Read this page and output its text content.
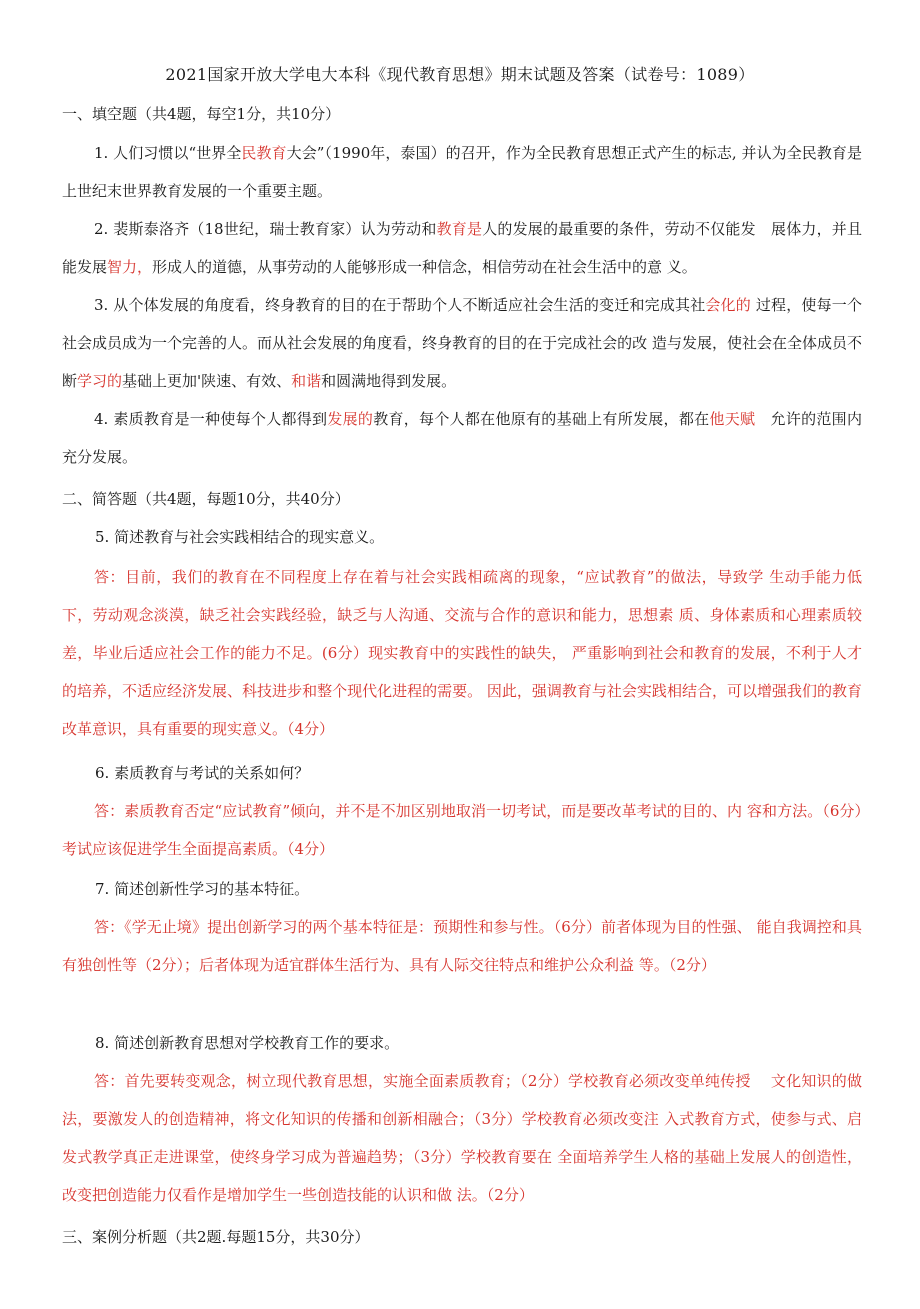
2021国家开放大学电大本科《现代教育思想》期末试题及答案（试卷号：1089）
一、填空题（共4题，每空1分，共10分）
1. 人们习惯以“世界全民教育大会”（1990年，泰国）的召开，作为全民教育思想正式产生的标志, 并认为全民教育是上世纪末世界教育发展的一个重要主题。
2. 裴斯泰洛齐（18世纪，瑞士教育家）认为劳动和教育是人的发展的最重要的条件，劳动不仅能发　展体力，并且能发展智力，形成人的道德，从事劳动的人能够形成一种信念，相信劳动在社会生活中的意 义。
3. 从个体发展的角度看，终身教育的目的在于帮助个人不断适应社会生活的变迁和完成其社会化的 过程，使每一个社会成员成为一个完善的人。而从社会发展的角度看，终身教育的目的在于完成社会的改 造与发展，使社会在全体成员不断学习的基础上更加'陕速、有效、和谐和圆满地得到发展。
4. 素质教育是一种使每个人都得到发展的教育，每个人都在他原有的基础上有所发展，都在他天赋　允许的范围内充分发展。
二、简答题（共4题，每题10分，共40分）
5. 简述教育与社会实践相结合的现实意义。
答：目前，我们的教育在不同程度上存在着与社会实践相疏离的现象，“应试教育”的做法，导致学 生动手能力低下，劳动观念淡漠，缺乏社会实践经验，缺乏与人沟通、交流与合作的意识和能力，思想素 质、身体素质和心理素质较差，毕业后适应社会工作的能力不足。(6分）现实教育中的实践性的缺失， 严重影响到社会和教育的发展，不利于人才的培养，不适应经济发展、科技进步和整个现代化进程的需要。 因此，强调教育与社会实践相结合，可以增强我们的教育改革意识，具有重要的现实意义。（4分）
6. 素质教育与考试的关系如何？
答：素质教育否定“应试教育”倾向，并不是不加区别地取消一切考试，而是要改革考试的目的、内 容和方法。（6分）考试应该促进学生全面提高素质。（4分）
7. 简述创新性学习的基本特征。
答：《学无止境》提出创新学习的两个基本特征是：预期性和参与性。（6分）前者体现为目的性强、 能自我调控和具有独创性等（2分）；后者体现为适宜群体生活行为、具有人际交往特点和维护公众利益 等。（2分）
8. 简述创新教育思想对学校教育工作的要求。
答：首先要转变观念，树立现代教育思想，实施全面素质教育；（2分）学校教育必须改变单纯传授　 文化知识的做法，要激发人的创造精神，将文化知识的传播和创新相融合；（3分）学校教育必须改变注 入式教育方式，使参与式、启发式教学真正走进课堂，使终身学习成为普遍趋势；（3分）学校教育要在 全面培养学生人格的基础上发展人的创造性，改变把创造能力仅看作是增加学生一些创造技能的认识和做 法。（2分）
三、案例分析题（共2题.每题15分，共30分）
